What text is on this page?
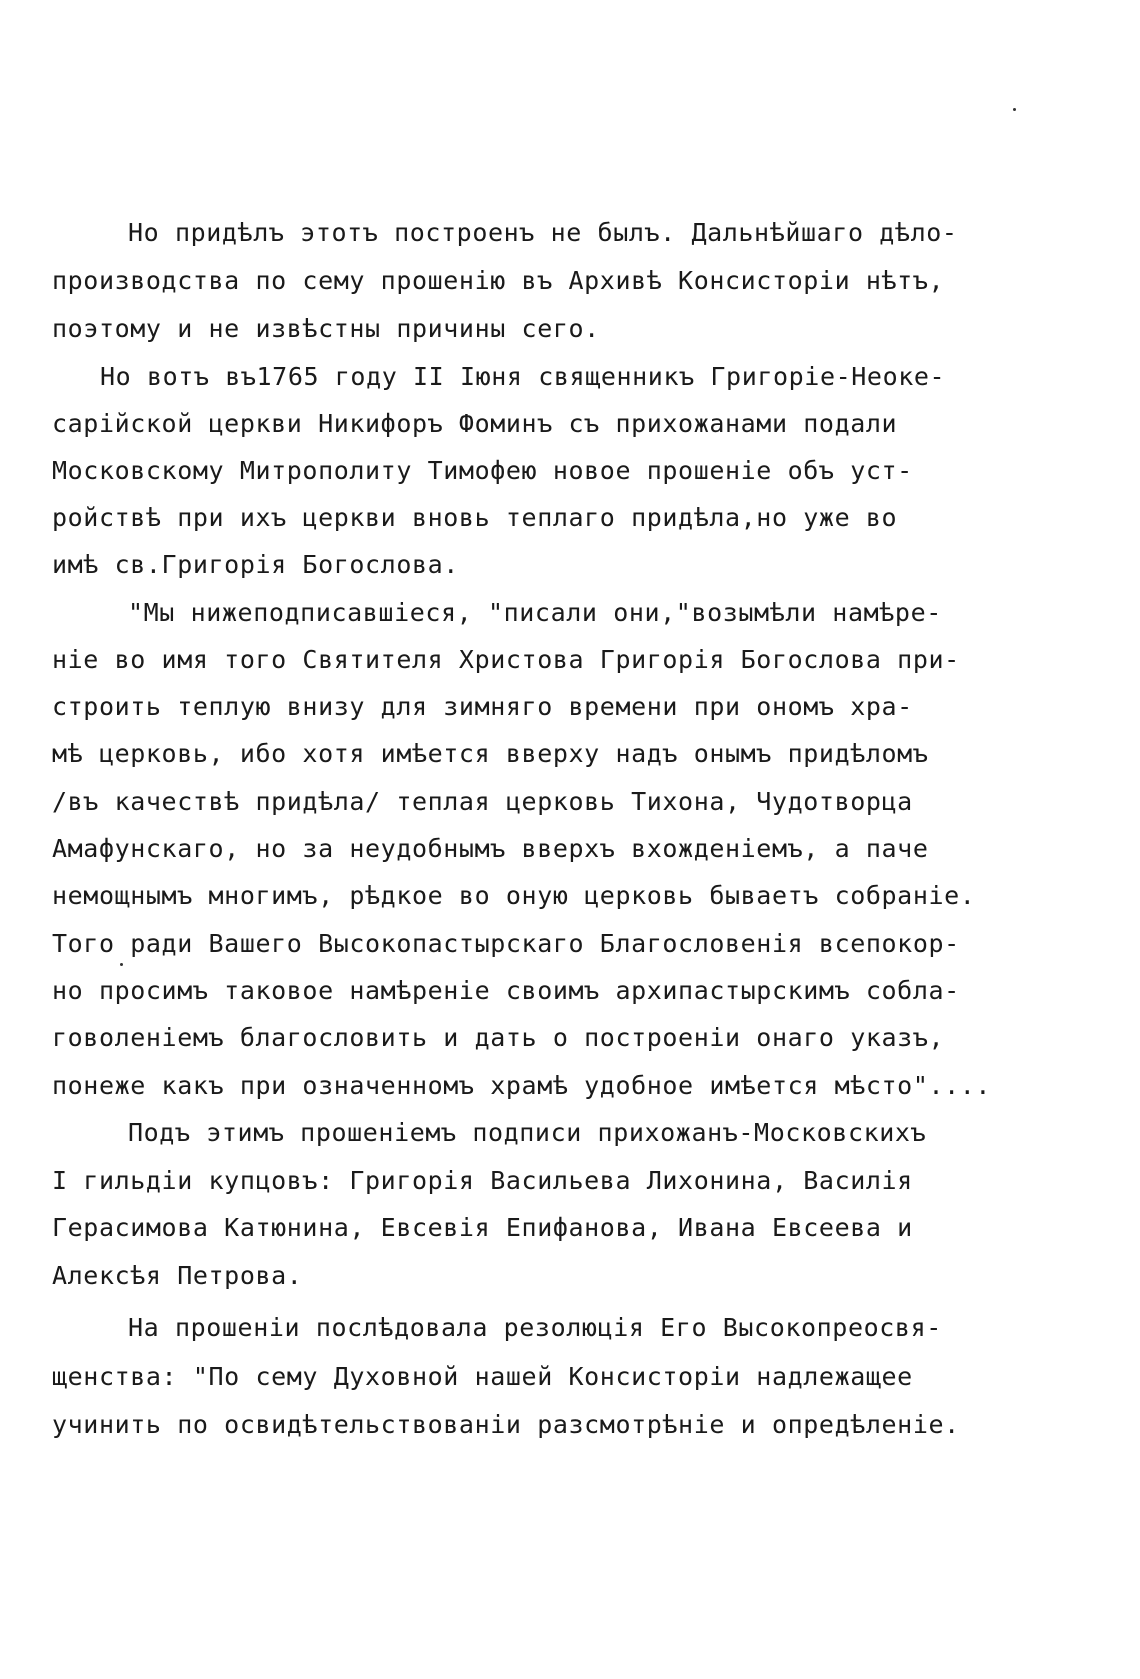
Но придѣлъ этотъ построенъ не былъ. Дальнѣйшаго дѣло-
производства по сему прошенiю въ Архивѣ Консисторiи нѣтъ,
поэтому и не извѣстны причины сего.
Но вотъ въ1765 году II Iюня священникъ Григорiе-Неоке-
сарiйской церкви Никифоръ Фоминъ съ прихожанами подали
Московскому Митрополиту Тимофею новое прошенiе объ уст-
ройствѣ при ихъ церкви вновь теплаго придѣла,но уже во
имѣ св.Григорiя Богослова.
"Мы нижеподписавшiеся, "писали они,"возымѣли намѣре-
нiе во имя того Святителя Христова Григорiя Богослова при-
строить теплую внизу для зимняго времени при ономъ хра-
мѣ церковь, ибо хотя имѣется вверху надъ онымъ придѣломъ
/въ качествѣ придѣла/ теплая церковь Тихона, Чудотворца
Амафунскаго, но за неудобнымъ вверхъ вхожденiемъ, а паче
немощнымъ многимъ, рѣдкое во оную церковь бываетъ собранiе.
Того ради Вашего Высокопастырскаго Благословенiя всепокор-
но просимъ таковое намѣренiе своимъ архипастырскимъ собла-
говоленiемъ благословить и дать о построенiи онаго указъ,
понеже какъ при означенномъ храмѣ удобное имѣется мѣсто"....
Подъ этимъ прошенiемъ подписи прихожанъ-Московскихъ
I гильдiи купцовъ: Григорiя Васильева Лихонина, Василiя
Герасимова Катюнина, Евсевiя Епифанова, Ивана Евсеева и
Алексѣя Петрова.
На прошенiи послѣдовала резолюцiя Его Высокопреосвя-
щенства: "По сему Духовной нашей Консисторiи надлежащее
учинить по освидѣтельствованiи разсмотрѣнiе и опредѣленiе.
